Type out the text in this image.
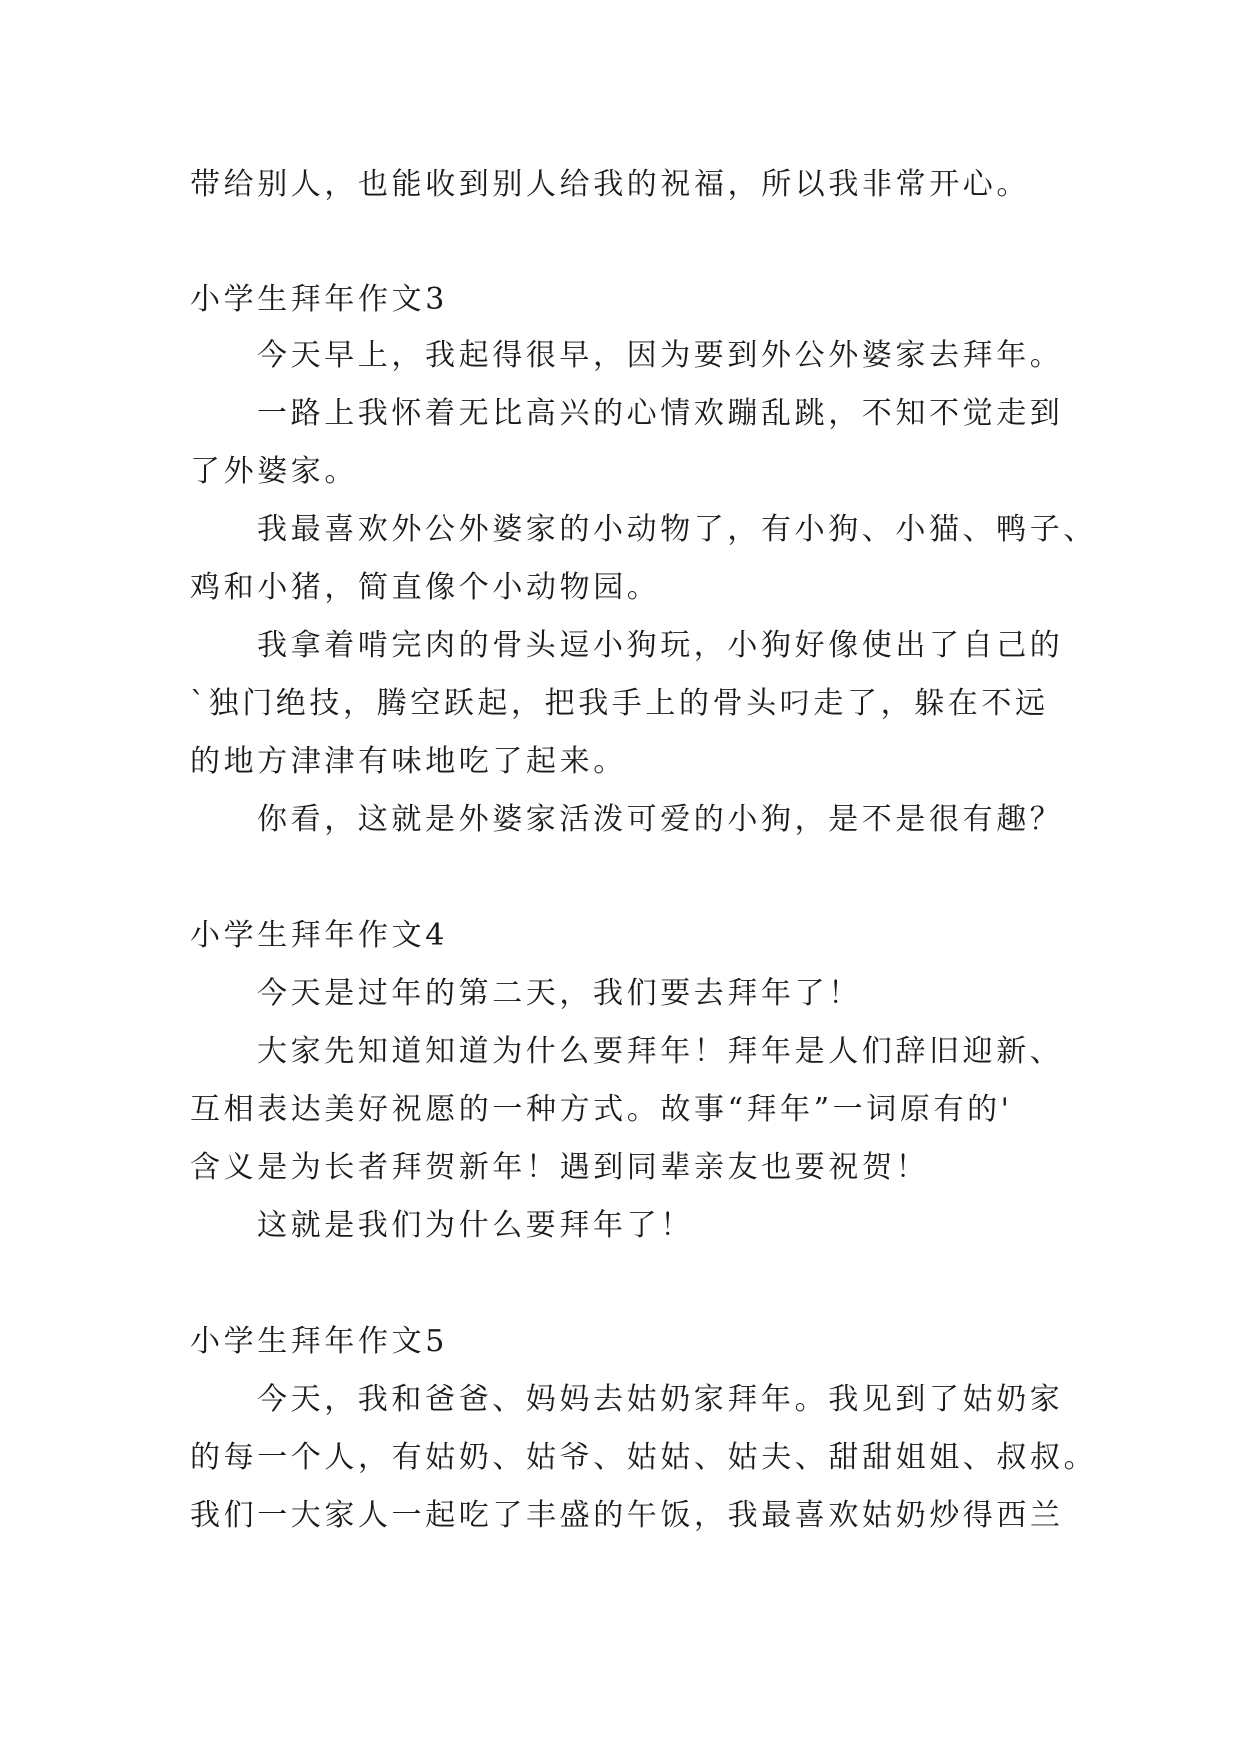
带给别人，也能收到别人给我的祝福，所以我非常开心。
小学生拜年作文3
今天早上，我起得很早，因为要到外公外婆家去拜年。
一路上我怀着无比高兴的心情欢蹦乱跳，不知不觉走到
了外婆家。
我最喜欢外公外婆家的小动物了，有小狗、小猫、鸭子、
鸡和小猪，简直像个小动物园。
我拿着啃完肉的骨头逗小狗玩，小狗好像使出了自己的
`独门绝技，腾空跃起，把我手上的骨头叼走了，躲在不远
的地方津津有味地吃了起来。
你看，这就是外婆家活泼可爱的小狗，是不是很有趣？
小学生拜年作文4
今天是过年的第二天，我们要去拜年了！
大家先知道知道为什么要拜年！拜年是人们辞旧迎新、
互相表达美好祝愿的一种方式。故事“拜年”一词原有的'
含义是为长者拜贺新年！遇到同辈亲友也要祝贺！
这就是我们为什么要拜年了！
小学生拜年作文5
今天，我和爸爸、妈妈去姑奶家拜年。我见到了姑奶家
的每一个人，有姑奶、姑爷、姑姑、姑夫、甜甜姐姐、叔叔。
我们一大家人一起吃了丰盛的午饭，我最喜欢姑奶炒得西兰
